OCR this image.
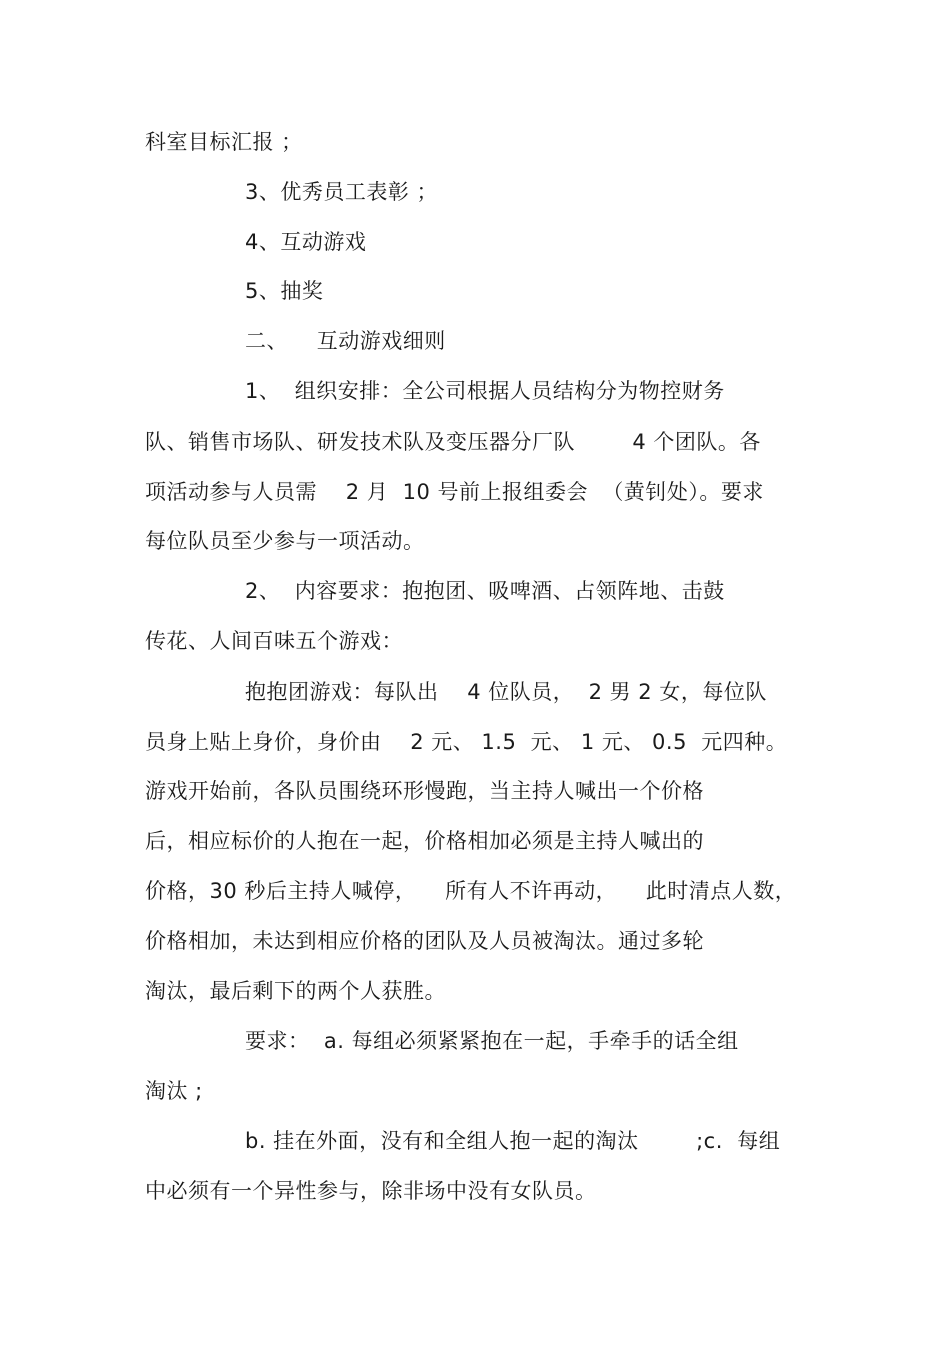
科室目标汇报 ；
3、优秀员工表彰 ；
4、互动游戏
5、抽奖
二、    互动游戏细则
1、  组织安排：全公司根据人员结构分为物控财务
队、销售市场队、研发技术队及变压器分厂队        4 个团队。各
项活动参与人员需    2 月  10 号前上报组委会  （黄钊处）。要求
每位队员至少参与一项活动。
2、  内容要求：抱抱团、吸啤酒、占领阵地、击鼓
传花、人间百味五个游戏：
抱抱团游戏：每队出    4 位队员，  2 男 2 女，每位队
员身上贴上身价，身价由    2 元、 1.5  元、 1 元、 0.5  元四种。
游戏开始前，各队员围绕环形慢跑，当主持人喊出一个价格
后，相应标价的人抱在一起，价格相加必须是主持人喊出的
价格，30 秒后主持人喊停，    所有人不许再动，    此时清点人数，
价格相加，未达到相应价格的团队及人员被淘汰。通过多轮
淘汰，最后剩下的两个人获胜。
要求：  a. 每组必须紧紧抱在一起，手牵手的话全组
淘汰 ;
b. 挂在外面，没有和全组人抱一起的淘汰        ;c.  每组
中必须有一个异性参与，除非场中没有女队员。
